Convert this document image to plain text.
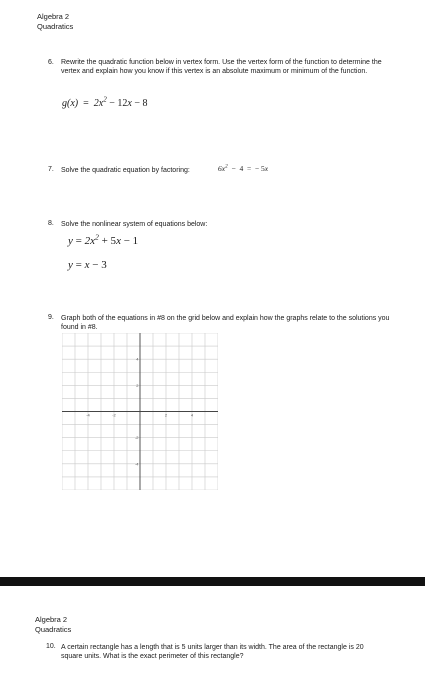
Algebra 2
Quadratics
6. Rewrite the quadratic function below in vertex form. Use the vertex form of the function to determine the vertex and explain how you know if this vertex is an absolute maximum or minimum of the function.
$g(x) = 2x^2 - 12x - 8$
7. Solve the quadratic equation by factoring:	$6x^2 - 4$  =  − 5x
8. Solve the nonlinear system of equations below:
$y = 2x^2 + 5x - 1$
y = x − 3
9. Graph both of the equations in #8 on the grid below and explain how the graphs relate to the solutions you found in #8.
-4	-2	2	4
4
2
-2
-4
Algebra 2
Quadratics
10. A certain rectangle has a length that is 5 units larger than its width. The area of the rectangle is 20 square units. What is the exact perimeter of this rectangle?
